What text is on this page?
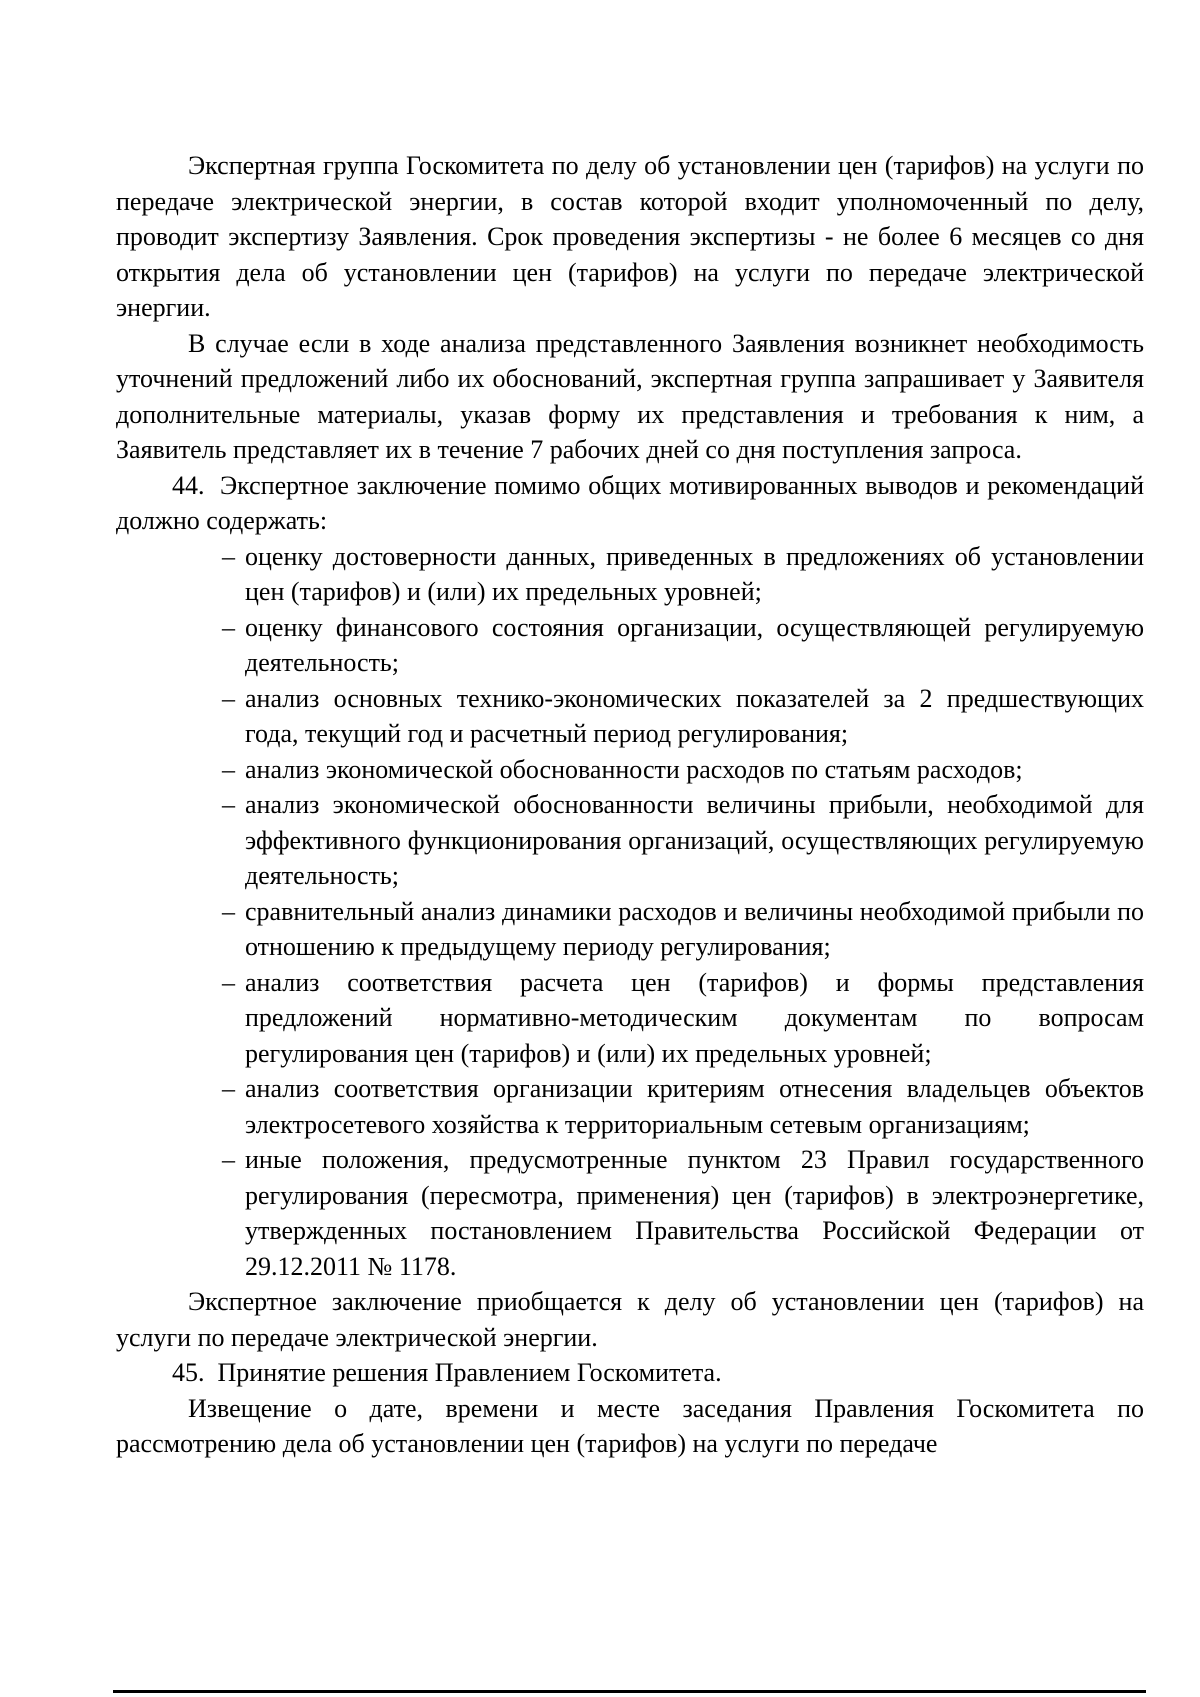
Экспертная группа Госкомитета по делу об установлении цен (тарифов) на услуги по передаче электрической энергии, в состав которой входит уполномоченный по делу, проводит экспертизу Заявления. Срок проведения экспертизы - не более 6 месяцев со дня открытия дела об установлении цен (тарифов) на услуги по передаче электрической энергии.

В случае если в ходе анализа представленного Заявления возникнет необходимость уточнений предложений либо их обоснований, экспертная группа запрашивает у Заявителя дополнительные материалы, указав форму их представления и требования к ним, а Заявитель представляет их в течение 7 рабочих дней со дня поступления запроса.

44. Экспертное заключение помимо общих мотивированных выводов и рекомендаций должно содержать:

– оценку достоверности данных, приведенных в предложениях об установлении цен (тарифов) и (или) их предельных уровней;
– оценку финансового состояния организации, осуществляющей регулируемую деятельность;
– анализ основных технико-экономических показателей за 2 предшествующих года, текущий год и расчетный период регулирования;
– анализ экономической обоснованности расходов по статьям расходов;
– анализ экономической обоснованности величины прибыли, необходимой для эффективного функционирования организаций, осуществляющих регулируемую деятельность;
– сравнительный анализ динамики расходов и величины необходимой прибыли по отношению к предыдущему периоду регулирования;
– анализ соответствия расчета цен (тарифов) и формы представления предложений нормативно-методическим документам по вопросам регулирования цен (тарифов) и (или) их предельных уровней;
– анализ соответствия организации критериям отнесения владельцев объектов электросетевого хозяйства к территориальным сетевым организациям;
– иные положения, предусмотренные пунктом 23 Правил государственного регулирования (пересмотра, применения) цен (тарифов) в электроэнергетике, утвержденных постановлением Правительства Российской Федерации от 29.12.2011 № 1178.

Экспертное заключение приобщается к делу об установлении цен (тарифов) на услуги по передаче электрической энергии.

45. Принятие решения Правлением Госкомитета.

Извещение о дате, времени и месте заседания Правления Госкомитета по рассмотрению дела об установлении цен (тарифов) на услуги по передаче
